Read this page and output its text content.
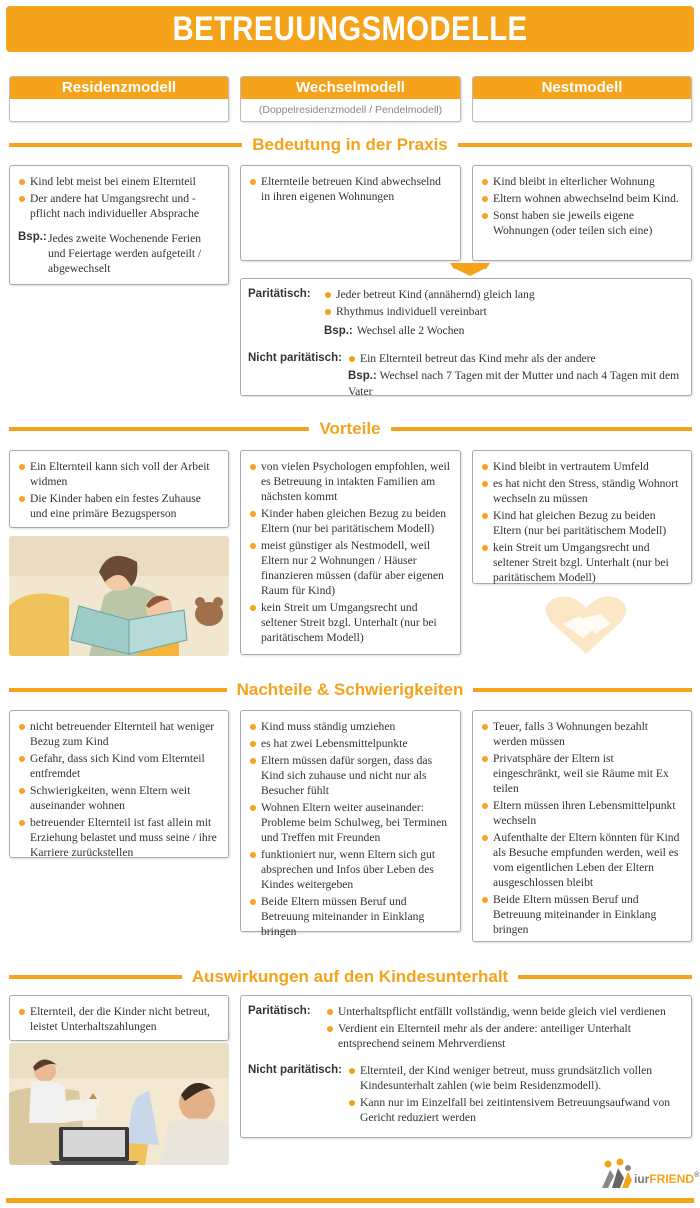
BETREUUNGSMODELLE
Residenzmodell	Wechselmodell
(Doppelresidenzmodell / Pendelmodell)
Nestmodell
Bedeutung in der Praxis
Kind lebt meist bei einem Elternteil
Der andere hat Umgangsrecht und -pflicht nach individueller Absprache
Bsp.: Jedes zweite Wochenende Ferien und Feiertage werden aufgeteilt / abgewechselt
Elternteile betreuen Kind abwechselnd in ihren eigenen Wohnungen
Kind bleibt in elterlicher Wohnung
Eltern wohnen abwechselnd beim Kind.
Sonst haben sie jeweils eigene Wohnungen (oder teilen sich eine)
Paritätisch:	Jeder betreut Kind (annähernd) gleich lang
Rhythmus individuell vereinbart
Bsp.: Wechsel alle 2 Wochen
Nicht paritätisch:	Ein Elternteil betreut das Kind mehr als der andere
Bsp.: Wechsel nach 7 Tagen mit der Mutter und nach 4 Tagen mit dem Vater
Vorteile
Ein Elternteil kann sich voll der Arbeit widmen
Die Kinder haben ein festes Zuhause und eine primäre Bezugsperson
von vielen Psychologen empfohlen, weil es Betreuung in intakten Familien am nächsten kommt
Kinder haben gleichen Bezug zu beiden Eltern (nur bei paritätischem Modell)
meist günstiger als Nestmodell, weil Eltern nur 2 Wohnungen / Häuser finanzieren müssen (dafür aber eigenen Raum für Kind)
kein Streit um Umgangsrecht und seltener Streit bzgl. Unterhalt (nur bei paritätischem Modell)
Kind bleibt in vertrautem Umfeld
es hat nicht den Stress, ständig Wohnort wechseln zu müssen
Kind hat gleichen Bezug zu beiden Eltern (nur bei paritätischem Modell)
kein Streit um Umgangsrecht und seltener Streit bzgl. Unterhalt (nur bei paritätischem Modell)
Nachteile & Schwierigkeiten
nicht betreuender Elternteil hat weniger Bezug zum Kind
Gefahr, dass sich Kind vom Elternteil entfremdet
Schwierigkeiten, wenn Eltern weit auseinander wohnen
betreuender Elternteil ist fast allein mit Erziehung belastet und muss seine / ihre Karriere zurückstellen
Kind muss ständig umziehen
es hat zwei Lebensmittelpunkte
Eltern müssen dafür sorgen, dass das Kind sich zuhause und nicht nur als Besucher fühlt
Wohnen Eltern weiter auseinander: Probleme beim Schulweg, bei Terminen und Treffen mit Freunden
funktioniert nur, wenn Eltern sich gut absprechen und Infos über Leben des Kindes weitergeben
Beide Eltern müssen Beruf und Betreuung miteinander in Einklang bringen
Teuer, falls 3 Wohnungen bezahlt werden müssen
Privatsphäre der Eltern ist eingeschränkt, weil sie Räume mit Ex teilen
Eltern müssen ihren Lebensmittelpunkt wechseln
Aufenthalte der Eltern könnten für Kind als Besuche empfunden werden, weil es vom eigentlichen Leben der Eltern ausgeschlossen bleibt
Beide Eltern müssen Beruf und Betreuung miteinander in Einklang bringen
Auswirkungen auf den Kindesunterhalt
Elternteil, der die Kinder nicht betreut, leistet Unterhaltszahlungen
Paritätisch:	Unterhaltspflicht entfällt vollständig, wenn beide gleich viel verdienen
Verdient ein Elternteil mehr als der andere: anteiliger Unterhalt entsprechend seinem Mehrverdienst
Nicht paritätisch:	Elternteil, der Kind weniger betreut, muss grundsätzlich vollen Kindesunterhalt zahlen (wie beim Residenzmodell).
Kann nur im Einzelfall bei zeitintensivem Betreuungsaufwand von Gericht reduziert werden
iurFRIEND®
